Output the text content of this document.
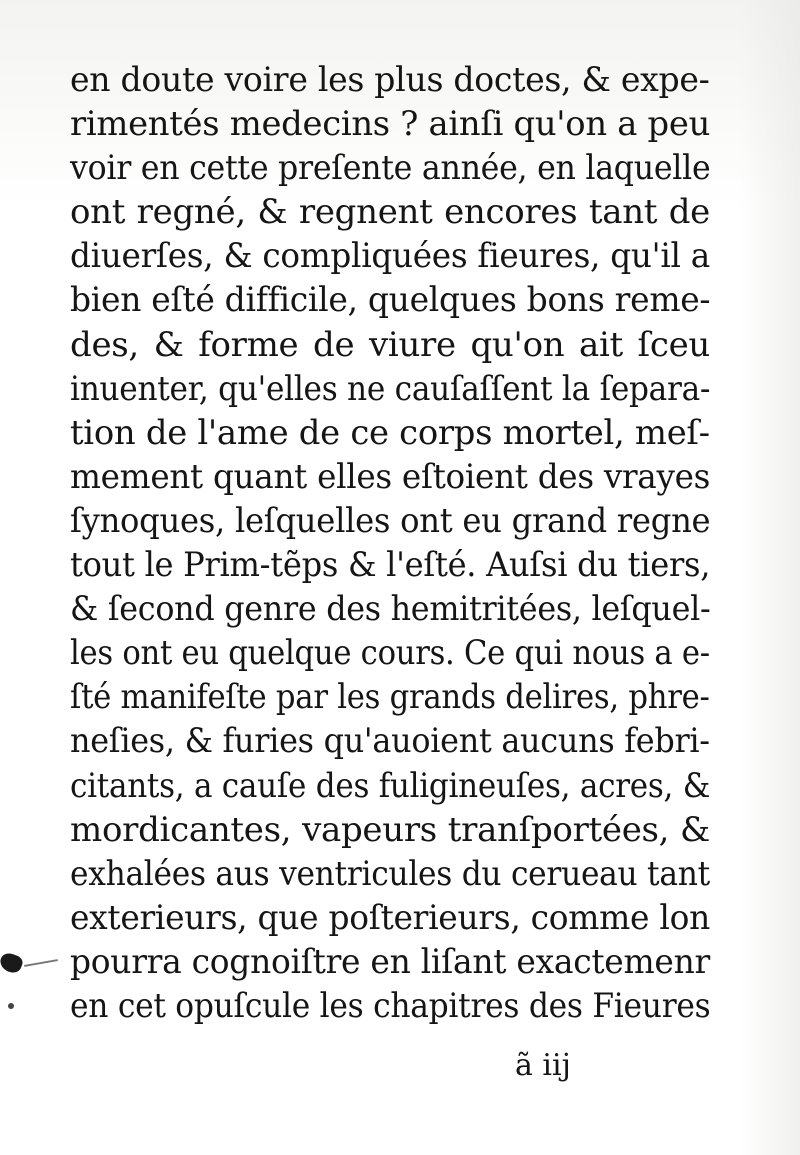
en doute voire les plus doctes, & expe-
rimentés medecins ? ainſi qu'on a peu
voir en cette preſente année, en laquelle
ont regné, & regnent encores tant de
diuerſes, & compliquées fieures, qu'il a
bien eſté difficile, quelques bons reme-
des, & forme de viure qu'on ait ſceu
inuenter, qu'elles ne cauſaſſent la ſepara-
tion de l'ame de ce corps mortel, meſ-
mement quant elles eſtoient des vrayes
ſynoques, leſquelles ont eu grand regne
tout le Prim-tẽps & l'eſté. Auſsi du tiers,
& ſecond genre des hemitritées, leſquel-
les ont eu quelque cours. Ce qui nous a e-
ſté manifeſte par les grands delires, phre-
neſies, & furies qu'auoient aucuns febri-
citants, a cauſe des fuligineuſes, acres, &
mordicantes, vapeurs tranſportées, &
exhalées aus ventricules du cerueau tant
exterieurs, que poſterieurs, comme lon
pourra cognoiſtre en liſant exactemenr
en cet opuſcule les chapitres des Fieures
ã iij
